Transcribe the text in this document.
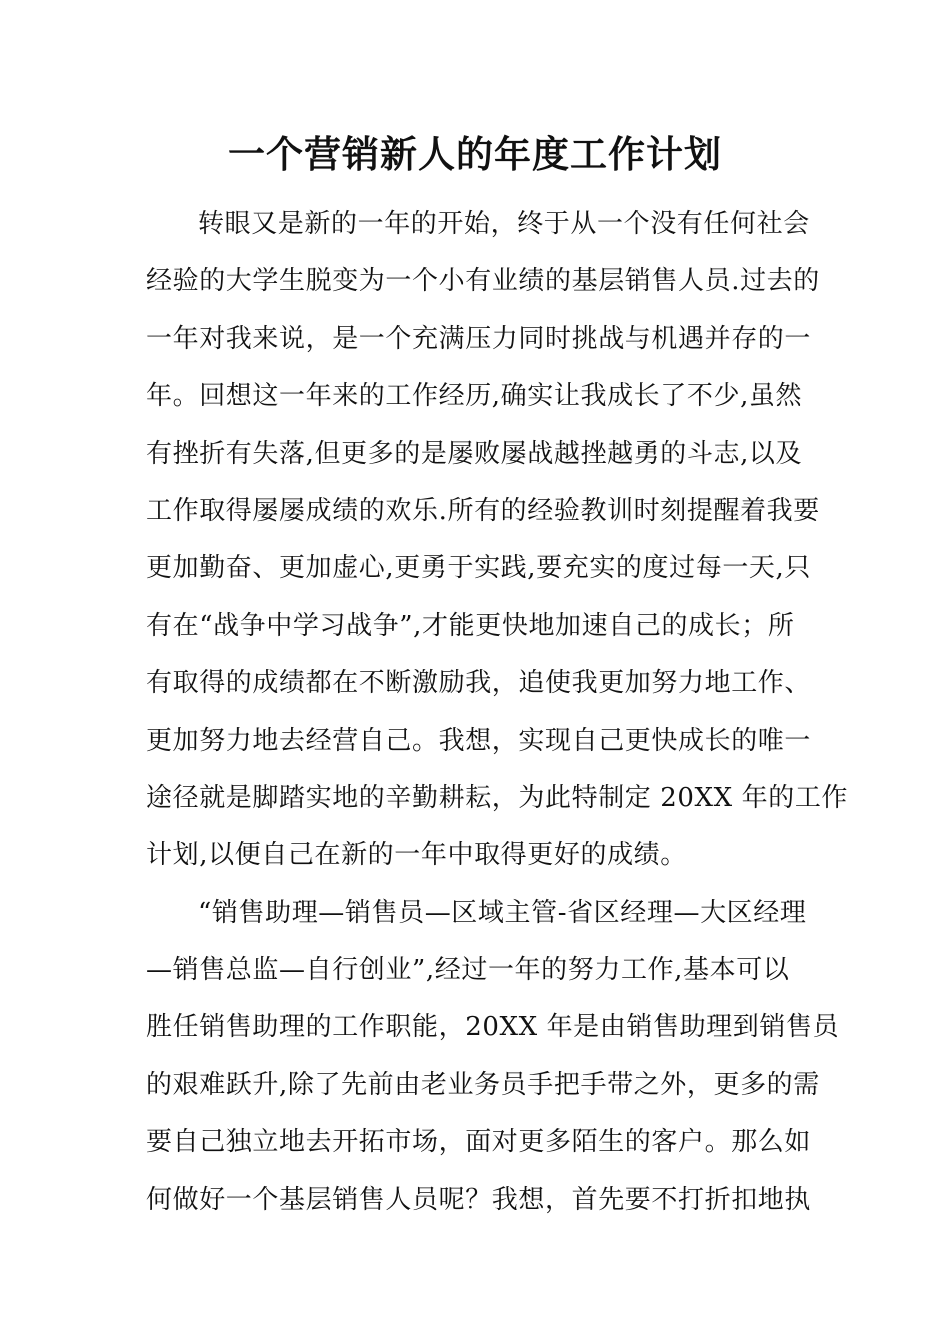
一个营销新人的年度工作计划
转眼又是新的一年的开始，终于从一个没有任何社会
经验的大学生脱变为一个小有业绩的基层销售人员.过去的
一年对我来说，是一个充满压力同时挑战与机遇并存的一
年。回想这一年来的工作经历,确实让我成长了不少,虽然
有挫折有失落,但更多的是屡败屡战越挫越勇的斗志,以及
工作取得屡屡成绩的欢乐.所有的经验教训时刻提醒着我要
更加勤奋、更加虚心,更勇于实践,要充实的度过每一天,只
有在“战争中学习战争”,才能更快地加速自己的成长；所
有取得的成绩都在不断激励我，追使我更加努力地工作、
更加努力地去经营自己。我想，实现自己更快成长的唯一
途径就是脚踏实地的辛勤耕耘，为此特制定 20XX 年的工作
计划,以便自己在新的一年中取得更好的成绩。
“销售助理—销售员—区域主管-省区经理—大区经理
—销售总监—自行创业”,经过一年的努力工作,基本可以
胜任销售助理的工作职能，20XX 年是由销售助理到销售员
的艰难跃升,除了先前由老业务员手把手带之外，更多的需
要自己独立地去开拓市场，面对更多陌生的客户。那么如
何做好一个基层销售人员呢？我想，首先要不打折扣地执
